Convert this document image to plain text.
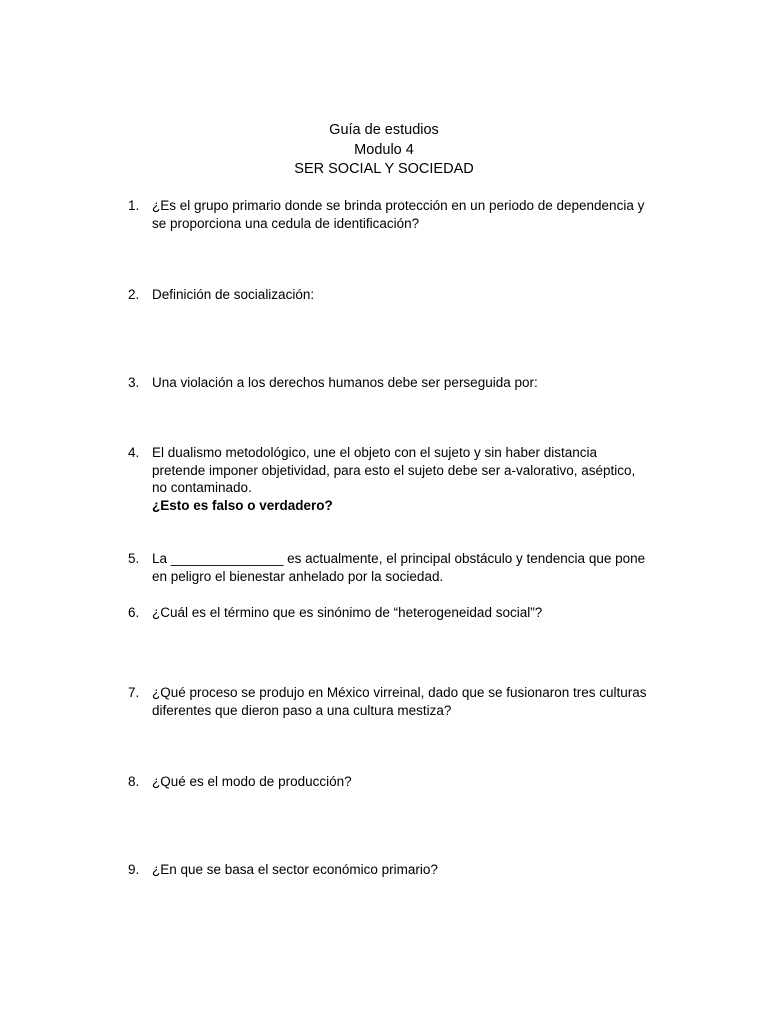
Guía de estudios
Modulo 4
SER SOCIAL Y SOCIEDAD
1. ¿Es el grupo primario donde se brinda protección en un periodo de dependencia y
se proporciona una cedula de identificación?
2. Definición de socialización:
3. Una violación a los derechos humanos debe ser perseguida por:
4. El dualismo metodológico, une el objeto con el sujeto y sin haber distancia
pretende imponer objetividad, para esto el sujeto debe ser a-valorativo, aséptico,
no contaminado.
¿Esto es falso o verdadero?
5. La _______________ es actualmente, el principal obstáculo y tendencia que pone
en peligro el bienestar anhelado por la sociedad.
6. ¿Cuál es el término que es sinónimo de “heterogeneidad social”?
7. ¿Qué proceso se produjo en México virreinal, dado que se fusionaron tres culturas
diferentes que dieron paso a una cultura mestiza?
8. ¿Qué es el modo de producción?
9. ¿En que se basa el sector económico primario?
